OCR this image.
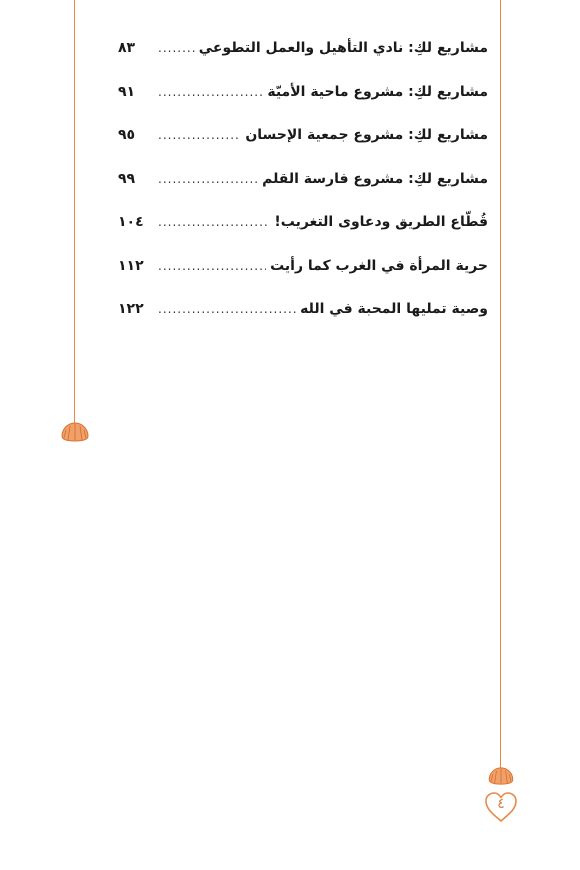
٤
مشاريع لكِ: نادي التأهيل والعمل التطوعي
.....
٨٣
مشاريع لكِ: مشروع ماحية الأميّة
.....
٩١
مشاريع لكِ: مشروع جمعية الإحسان
.....
٩٥
مشاريع لكِ: مشروع فارسة القلم
.....
٩٩
قُطّاع الطريق ودعاوى التغريب!
.....
١٠٤
حرية المرأة في الغرب كما رأيت
.....
١١٢
وصية تمليها المحبة في الله
.....
١٢٢
